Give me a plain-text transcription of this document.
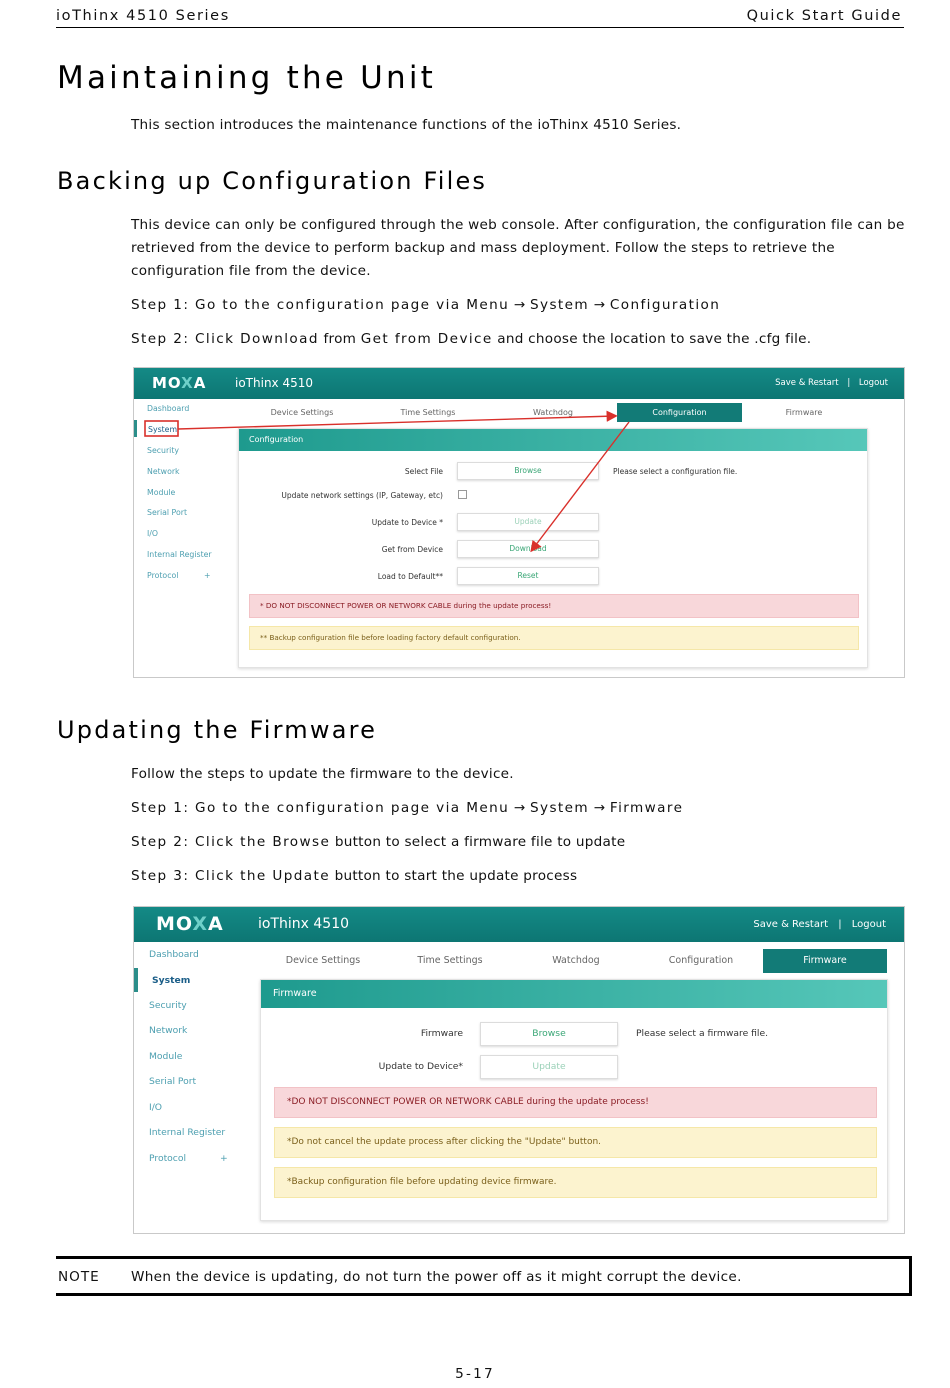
ioThinx 4510 Series	Quick Start Guide
Maintaining the Unit
This section introduces the maintenance functions of the ioThinx 4510 Series.
Backing up Configuration Files
This device can only be configured through the web console. After configuration, the configuration file can be
retrieved from the device to perform backup and mass deployment. Follow the steps to retrieve the
configuration file from the device.
Step 1: Go to the configuration page via Menu → System → Configuration
Step 2: Click Download from Get from Device and choose the location to save the .cfg file.
MOXA ioThinx 4510	Save & Restart | Logout
Dashboard
System
Security
Network
Module
Serial Port
I/O
Internal Register
Protocol	+
Device Settings	Time Settings	Watchdog	Configuration	Firmware
Configuration
Select File	Browse	Please select a configuration file.
Update network settings (IP, Gateway, etc)
Update to Device *	Update
Get from Device	Download
Load to Default**	Reset
* DO NOT DISCONNECT POWER OR NETWORK CABLE during the update process!
** Backup configuration file before loading factory default configuration.
Updating the Firmware
Follow the steps to update the firmware to the device.
Step 1: Go to the configuration page via Menu → System → Firmware
Step 2: Click the Browse button to select a firmware file to update
Step 3: Click the Update button to start the update process
MOXA ioThinx 4510	Save & Restart | Logout
Dashboard
System
Security
Network
Module
Serial Port
I/O
Internal Register
Protocol	+
Device Settings	Time Settings	Watchdog	Configuration	Firmware
Firmware
Firmware	Browse	Please select a firmware file.
Update to Device*	Update
*DO NOT DISCONNECT POWER OR NETWORK CABLE during the update process!
*Do not cancel the update process after clicking the "Update" button.
*Backup configuration file before updating device firmware.
NOTE When the device is updating, do not turn the power off as it might corrupt the device.
5-17
